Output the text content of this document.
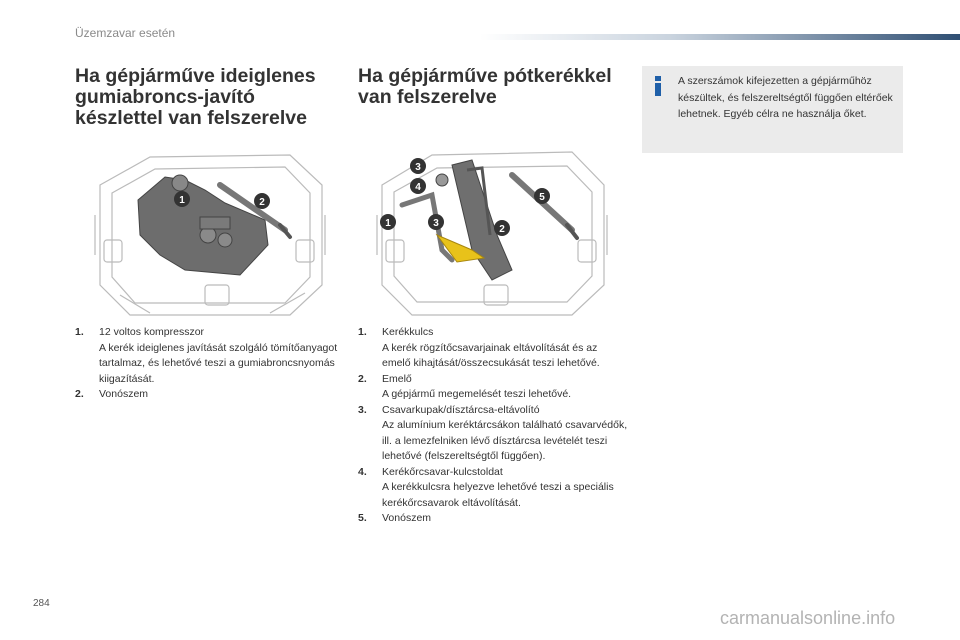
Üzemzavar esetén
Ha gépjárműve ideiglenes gumiabroncs-javító készlettel van felszerelve
Ha gépjárműve pótkerékkel van felszerelve
A szerszámok kifejezetten a gépjárműhöz készültek, és felszereltségtől függően eltérőek lehetnek. Egyéb célra ne használja őket.
1	2
3
4
1	3
2
5
1.	12 voltos kompresszor
A kerék ideiglenes javítását szolgáló tömítőanyagot tartalmaz, és lehetővé teszi a gumiabroncsnyomás kiigazítását.
2.	Vonószem
1.	Kerékkulcs
A kerék rögzítőcsavarjainak eltávolítását és az emelő kihajtását/összecsukását teszi lehetővé.
2.	Emelő
A gépjármű megemelését teszi lehetővé.
3.	Csavarkupak/dísztárcsa-eltávolító
Az alumínium keréktárcsákon található csavarvédők, ill. a lemezfelniken lévő dísztárcsa levételét teszi lehetővé (felszereltségtől függően).
4.	Kerékőrcsavar-kulcstoldat
A kerékkulcsra helyezve lehetővé teszi a speciális kerékőrcsavarok eltávolítását.
5.	Vonószem
284
carmanualsonline.info
